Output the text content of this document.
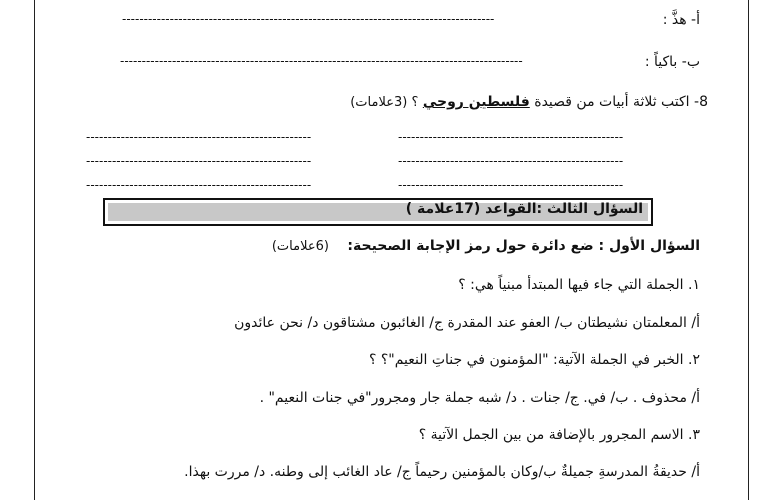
أ- هذَّ :
--------------------------------------------------------------------------------------
ب- باكياً :
---------------------------------------------------------------------------------------------
8- اكتب ثلاثة أبيات من قصيدة فلسطين روحي ؟ (3علامات)
----------------------------------------------------
----------------------------------------------------
----------------------------------------------------
----------------------------------------------------
----------------------------------------------------
----------------------------------------------------
السؤال الثالث :القواعد (17علامة )
السؤال الأول : ضع دائرة حول رمز الإجابة الصحيحة: (6علامات)
١. الجملة التي جاء فيها المبتدأ مبنياً هي: ؟
أ/ المعلمتان نشيطتان ب/ العفو عند المقدرة ج/ الغائبون مشتاقون د/ نحن عائدون
٢. الخبر في الجملة الآتية: "المؤمنون في جناتِ النعيم"؟ ؟
أ/ محذوف . ب/ في. ج/ جنات . د/ شبه جملة جار ومجرور"في جنات النعيم" .
٣. الاسم المجرور بالإضافة من بين الجمل الآتية ؟
أ/ حديقةُ المدرسةِ جميلةٌ ب/وكان بالمؤمنين رحيماً ج/ عاد الغائب إلى وطنه. د/ مررت بهذا.
